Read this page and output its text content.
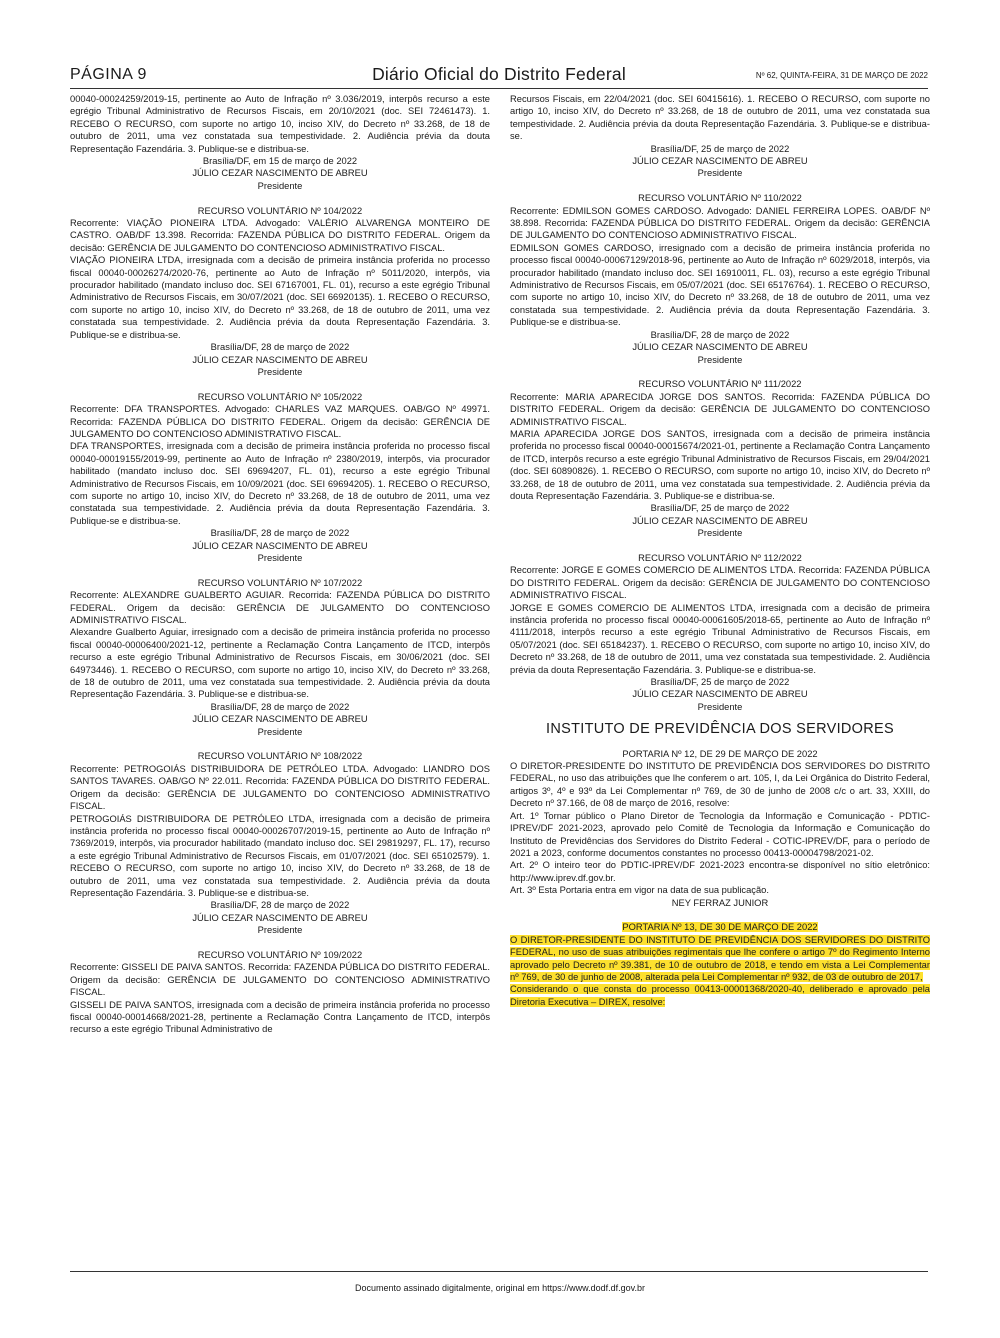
PÁGINA 9	Diário Oficial do Distrito Federal	Nº 62, QUINTA-FEIRA, 31 DE MARÇO DE 2022

00040-00024259/2019-15, pertinente ao Auto de Infração nº 3.036/2019, interpôs recurso a este egrégio Tribunal Administrativo de Recursos Fiscais, em 20/10/2021 (doc. SEI 72461473). 1. RECEBO O RECURSO, com suporte no artigo 10, inciso XIV, do Decreto nº 33.268, de 18 de outubro de 2011, uma vez constatada sua tempestividade. 2. Audiência prévia da douta Representação Fazendária. 3. Publique-se e distribua-se.

Brasília/DF, em 15 de março de 2022

JÚLIO CEZAR NASCIMENTO DE ABREU

Presidente

RECURSO VOLUNTÁRIO Nº 104/2022

Recorrente: VIAÇÃO PIONEIRA LTDA. Advogado: VALÉRIO ALVARENGA MONTEIRO DE CASTRO. OAB/DF 13.398. Recorrida: FAZENDA PÚBLICA DO DISTRITO FEDERAL. Origem da decisão: GERÊNCIA DE JULGAMENTO DO CONTENCIOSO ADMINISTRATIVO FISCAL.

VIAÇÃO PIONEIRA LTDA, irresignada com a decisão de primeira instância proferida no processo fiscal 00040-00026274/2020-76, pertinente ao Auto de Infração nº 5011/2020, interpôs, via procurador habilitado (mandato incluso doc. SEI 67167001, FL. 01), recurso a este egrégio Tribunal Administrativo de Recursos Fiscais, em 30/07/2021 (doc. SEI 66920135). 1. RECEBO O RECURSO, com suporte no artigo 10, inciso XIV, do Decreto nº 33.268, de 18 de outubro de 2011, uma vez constatada sua tempestividade. 2. Audiência prévia da douta Representação Fazendária. 3. Publique-se e distribua-se.

Brasília/DF, 28 de março de 2022

JÚLIO CEZAR NASCIMENTO DE ABREU

Presidente

RECURSO VOLUNTÁRIO Nº 105/2022

Recorrente: DFA TRANSPORTES. Advogado: CHARLES VAZ MARQUES. OAB/GO Nº 49971. Recorrida: FAZENDA PÚBLICA DO DISTRITO FEDERAL. Origem da decisão: GERÊNCIA DE JULGAMENTO DO CONTENCIOSO ADMINISTRATIVO FISCAL.

DFA TRANSPORTES, irresignada com a decisão de primeira instância proferida no processo fiscal 00040-00019155/2019-99, pertinente ao Auto de Infração nº 2380/2019, interpôs, via procurador habilitado (mandato incluso doc. SEI 69694207, FL. 01), recurso a este egrégio Tribunal Administrativo de Recursos Fiscais, em 10/09/2021 (doc. SEI 69694205). 1. RECEBO O RECURSO, com suporte no artigo 10, inciso XIV, do Decreto nº 33.268, de 18 de outubro de 2011, uma vez constatada sua tempestividade. 2. Audiência prévia da douta Representação Fazendária. 3. Publique-se e distribua-se.

Brasília/DF, 28 de março de 2022

JÚLIO CEZAR NASCIMENTO DE ABREU

Presidente

RECURSO VOLUNTÁRIO Nº 107/2022

Recorrente: ALEXANDRE GUALBERTO AGUIAR. Recorrida: FAZENDA PÚBLICA DO DISTRITO FEDERAL. Origem da decisão: GERÊNCIA DE JULGAMENTO DO CONTENCIOSO ADMINISTRATIVO FISCAL.

Alexandre Gualberto Aguiar, irresignado com a decisão de primeira instância proferida no processo fiscal 00040-00006400/2021-12, pertinente a Reclamação Contra Lançamento de ITCD, interpôs recurso a este egrégio Tribunal Administrativo de Recursos Fiscais, em 30/06/2021 (doc. SEI 64973446). 1. RECEBO O RECURSO, com suporte no artigo 10, inciso XIV, do Decreto nº 33.268, de 18 de outubro de 2011, uma vez constatada sua tempestividade. 2. Audiência prévia da douta Representação Fazendária. 3. Publique-se e distribua-se.

Brasília/DF, 28 de março de 2022

JÚLIO CEZAR NASCIMENTO DE ABREU

Presidente

RECURSO VOLUNTÁRIO Nº 108/2022

Recorrente: PETROGOIÁS DISTRIBUIDORA DE PETRÓLEO LTDA. Advogado: LIANDRO DOS SANTOS TAVARES. OAB/GO Nº 22.011. Recorrida: FAZENDA PÚBLICA DO DISTRITO FEDERAL. Origem da decisão: GERÊNCIA DE JULGAMENTO DO CONTENCIOSO ADMINISTRATIVO FISCAL.

PETROGOIÁS DISTRIBUIDORA DE PETRÓLEO LTDA, irresignada com a decisão de primeira instância proferida no processo fiscal 00040-00026707/2019-15, pertinente ao Auto de Infração nº 7369/2019, interpôs, via procurador habilitado (mandato incluso doc. SEI 29819297, FL. 17), recurso a este egrégio Tribunal Administrativo de Recursos Fiscais, em 01/07/2021 (doc. SEI 65102579). 1. RECEBO O RECURSO, com suporte no artigo 10, inciso XIV, do Decreto nº 33.268, de 18 de outubro de 2011, uma vez constatada sua tempestividade. 2. Audiência prévia da douta Representação Fazendária. 3. Publique-se e distribua-se.

Brasília/DF, 28 de março de 2022

JÚLIO CEZAR NASCIMENTO DE ABREU

Presidente

RECURSO VOLUNTÁRIO Nº 109/2022

Recorrente: GISSELI DE PAIVA SANTOS. Recorrida: FAZENDA PÚBLICA DO DISTRITO FEDERAL. Origem da decisão: GERÊNCIA DE JULGAMENTO DO CONTENCIOSO ADMINISTRATIVO FISCAL.

GISSELI DE PAIVA SANTOS, irresignada com a decisão de primeira instância proferida no processo fiscal 00040-00014668/2021-28, pertinente a Reclamação Contra Lançamento de ITCD, interpôs recurso a este egrégio Tribunal Administrativo de

Recursos Fiscais, em 22/04/2021 (doc. SEI 60415616). 1. RECEBO O RECURSO, com suporte no artigo 10, inciso XIV, do Decreto nº 33.268, de 18 de outubro de 2011, uma vez constatada sua tempestividade. 2. Audiência prévia da douta Representação Fazendária. 3. Publique-se e distribua-se.

Brasília/DF, 25 de março de 2022

JÚLIO CEZAR NASCIMENTO DE ABREU

Presidente

RECURSO VOLUNTÁRIO Nº 110/2022

Recorrente: EDMILSON GOMES CARDOSO. Advogado: DANIEL FERREIRA LOPES. OAB/DF Nº 38.898. Recorrida: FAZENDA PÚBLICA DO DISTRITO FEDERAL. Origem da decisão: GERÊNCIA DE JULGAMENTO DO CONTENCIOSO ADMINISTRATIVO FISCAL.

EDMILSON GOMES CARDOSO, irresignado com a decisão de primeira instância proferida no processo fiscal 00040-00067129/2018-96, pertinente ao Auto de Infração nº 6029/2018, interpôs, via procurador habilitado (mandato incluso doc. SEI 16910011, FL. 03), recurso a este egrégio Tribunal Administrativo de Recursos Fiscais, em 05/07/2021 (doc. SEI 65176764). 1. RECEBO O RECURSO, com suporte no artigo 10, inciso XIV, do Decreto nº 33.268, de 18 de outubro de 2011, uma vez constatada sua tempestividade. 2. Audiência prévia da douta Representação Fazendária. 3. Publique-se e distribua-se.

Brasília/DF, 28 de março de 2022

JÚLIO CEZAR NASCIMENTO DE ABREU

Presidente

RECURSO VOLUNTÁRIO Nº 111/2022

Recorrente: MARIA APARECIDA JORGE DOS SANTOS. Recorrida: FAZENDA PÚBLICA DO DISTRITO FEDERAL. Origem da decisão: GERÊNCIA DE JULGAMENTO DO CONTENCIOSO ADMINISTRATIVO FISCAL.

MARIA APARECIDA JORGE DOS SANTOS, irresignada com a decisão de primeira instância proferida no processo fiscal 00040-00015674/2021-01, pertinente a Reclamação Contra Lançamento de ITCD, interpôs recurso a este egrégio Tribunal Administrativo de Recursos Fiscais, em 29/04/2021 (doc. SEI 60890826). 1. RECEBO O RECURSO, com suporte no artigo 10, inciso XIV, do Decreto nº 33.268, de 18 de outubro de 2011, uma vez constatada sua tempestividade. 2. Audiência prévia da douta Representação Fazendária. 3. Publique-se e distribua-se.

Brasília/DF, 25 de março de 2022

JÚLIO CEZAR NASCIMENTO DE ABREU

Presidente

RECURSO VOLUNTÁRIO Nº 112/2022

Recorrente: JORGE E GOMES COMERCIO DE ALIMENTOS LTDA. Recorrida: FAZENDA PÚBLICA DO DISTRITO FEDERAL. Origem da decisão: GERÊNCIA DE JULGAMENTO DO CONTENCIOSO ADMINISTRATIVO FISCAL.

JORGE E GOMES COMERCIO DE ALIMENTOS LTDA, irresignada com a decisão de primeira instância proferida no processo fiscal 00040-00061605/2018-65, pertinente ao Auto de Infração nº 4111/2018, interpôs recurso a este egrégio Tribunal Administrativo de Recursos Fiscais, em 05/07/2021 (doc. SEI 65184237). 1. RECEBO O RECURSO, com suporte no artigo 10, inciso XIV, do Decreto nº 33.268, de 18 de outubro de 2011, uma vez constatada sua tempestividade. 2. Audiência prévia da douta Representação Fazendária. 3. Publique-se e distribua-se.

Brasília/DF, 25 de março de 2022

JÚLIO CEZAR NASCIMENTO DE ABREU

Presidente

INSTITUTO DE PREVIDÊNCIA DOS SERVIDORES

PORTARIA Nº 12, DE 29 DE MARÇO DE 2022

O DIRETOR-PRESIDENTE DO INSTITUTO DE PREVIDÊNCIA DOS SERVIDORES DO DISTRITO FEDERAL, no uso das atribuições que lhe conferem o art. 105, I, da Lei Orgânica do Distrito Federal, artigos 3º, 4º e 93º da Lei Complementar nº 769, de 30 de junho de 2008 c/c o art. 33, XXIII, do Decreto nº 37.166, de 08 de março de 2016, resolve:

Art. 1º Tornar público o Plano Diretor de Tecnologia da Informação e Comunicação - PDTIC-IPREV/DF 2021-2023, aprovado pelo Comitê de Tecnologia da Informação e Comunicação do Instituto de Previdências dos Servidores do Distrito Federal - COTIC-IPREV/DF, para o período de 2021 a 2023, conforme documentos constantes no processo 00413-00004798/2021-02.

Art. 2º O inteiro teor do PDTIC-IPREV/DF 2021-2023 encontra-se disponível no sítio eletrônico: http://www.iprev.df.gov.br.

Art. 3º Esta Portaria entra em vigor na data de sua publicação.

NEY FERRAZ JUNIOR

PORTARIA Nº 13, DE 30 DE MARÇO DE 2022

O DIRETOR-PRESIDENTE DO INSTITUTO DE PREVIDÊNCIA DOS SERVIDORES DO DISTRITO FEDERAL, no uso de suas atribuições regimentais que lhe confere o artigo 7º do Regimento Interno aprovado pelo Decreto nº 39.381, de 10 de outubro de 2018, e tendo em vista a Lei Complementar nº 769, de 30 de junho de 2008, alterada pela Lei Complementar nº 932, de 03 de outubro de 2017,

Considerando o que consta do processo 00413-00001368/2020-40, deliberado e aprovado pela Diretoria Executiva – DIREX, resolve:

Documento assinado digitalmente, original em https://www.dodf.df.gov.br
